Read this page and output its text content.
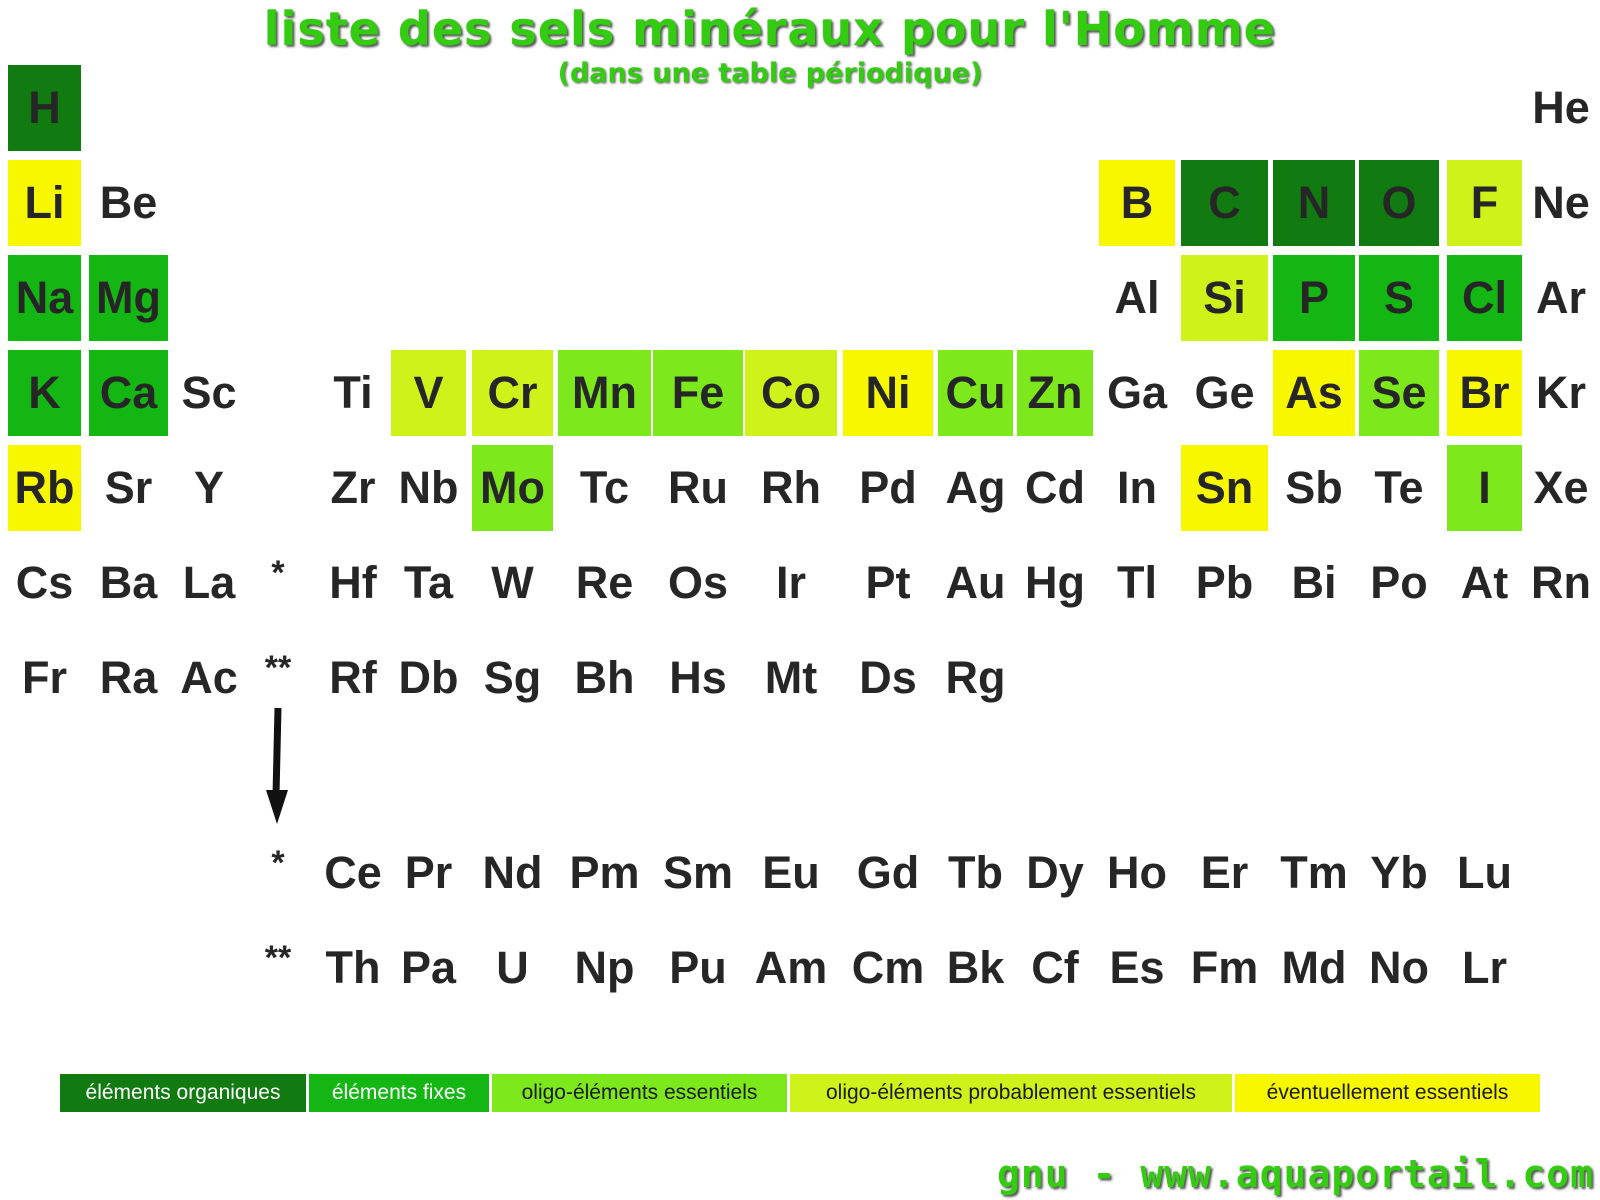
liste des sels minéraux pour l'Homme
(dans une table périodique)
H	He
Li Be	B	C	N	O	F Ne
Na Mg	Al Si	P	S	Cl Ar
K Ca Sc Ti V Cr Mn Fe Co Ni Cu Zn Ga Ge As Se Br Kr
Rb Sr Y	Zr Nb Mo Tc Ru Rh Pd Ag Cd In Sn Sb Te	I Xe
Cs Ba La	* Hf Ta W Re Os	Ir	Pt Au Hg Tl Pb Bi Po At Rn
Fr Ra Ac ** Rf Db Sg Bh Hs Mt Ds Rg
* Ce Pr Nd Pm Sm Eu Gd Tb Dy Ho Er Tm Yb Lu
** Th Pa U	Np Pu Am Cm Bk Cf Es Fm Md No Lr
éléments organiques	éléments fixes	oligo-éléments essentiels	oligo-éléments probablement essentiels	éventuellement essentiels
gnu - www.aquaportail.com
